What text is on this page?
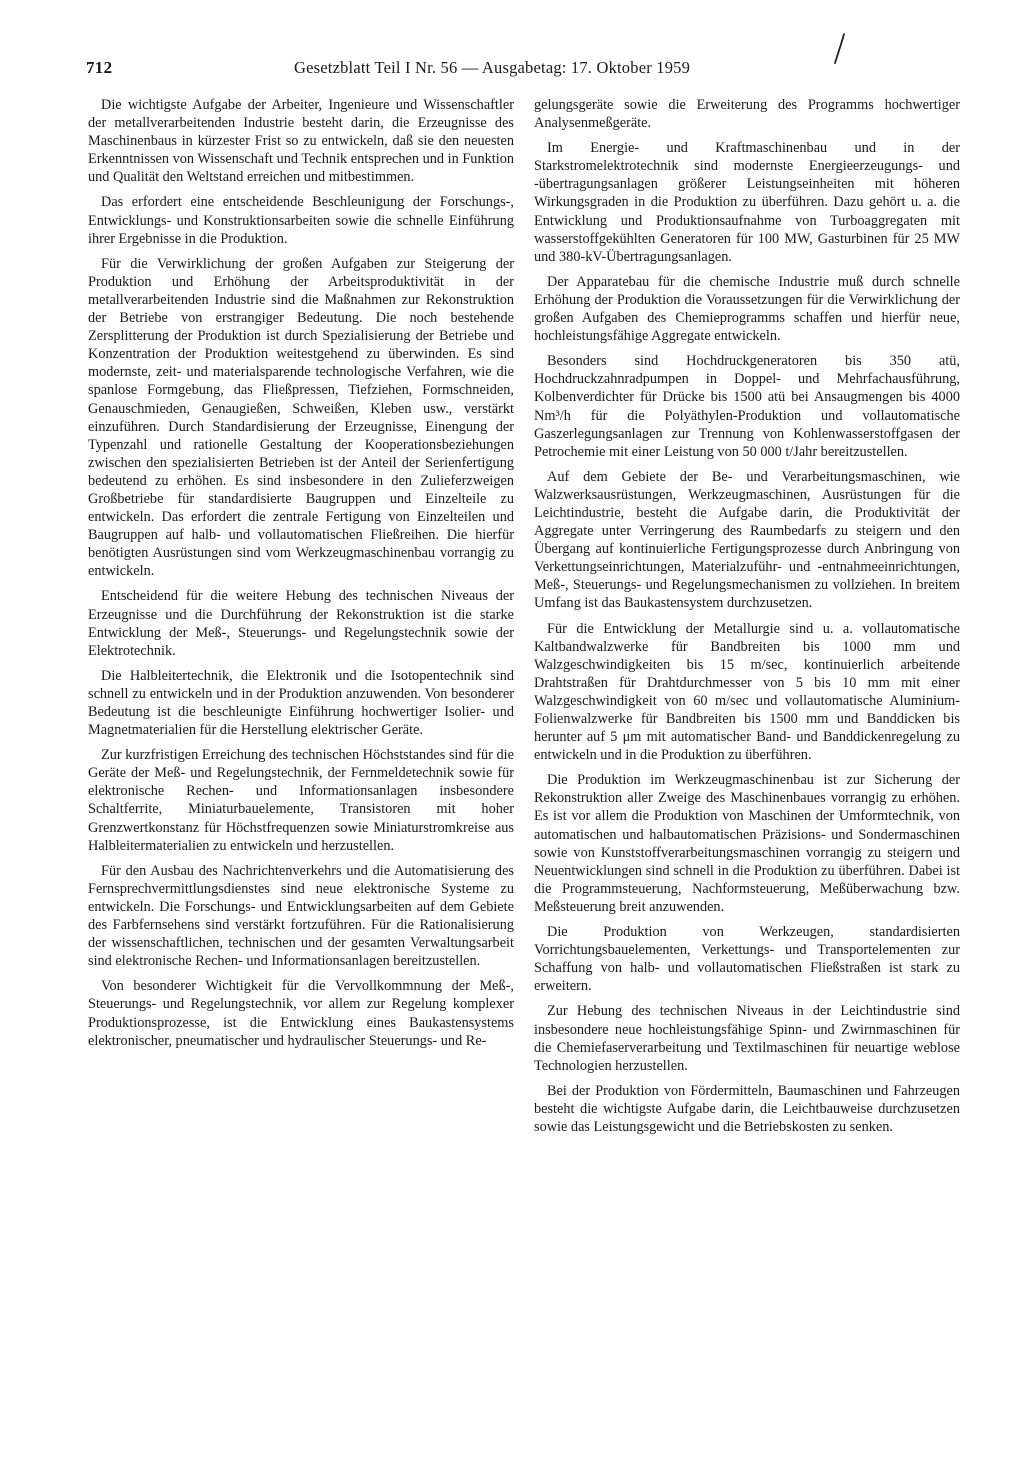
712	Gesetzblatt Teil I Nr. 56 — Ausgabetag: 17. Oktober 1959

Die wichtigste Aufgabe der Arbeiter, Ingenieure und Wissenschaftler der metallverarbeitenden Industrie besteht darin, die Erzeugnisse des Maschinenbaus in kürzester Frist so zu entwickeln, daß sie den neuesten Erkenntnissen von Wissenschaft und Technik entsprechen und in Funktion und Qualität den Weltstand erreichen und mitbestimmen.

Das erfordert eine entscheidende Beschleunigung der Forschungs-, Entwicklungs- und Konstruktionsarbeiten sowie die schnelle Einführung ihrer Ergebnisse in die Produktion.

Für die Verwirklichung der großen Aufgaben zur Steigerung der Produktion und Erhöhung der Arbeitsproduktivität in der metallverarbeitenden Industrie sind die Maßnahmen zur Rekonstruktion der Betriebe von erstrangiger Bedeutung. Die noch bestehende Zersplitterung der Produktion ist durch Spezialisierung der Betriebe und Konzentration der Produktion weitestgehend zu überwinden. Es sind modernste, zeit- und materialsparende technologische Verfahren, wie die spanlose Formgebung, das Fließpressen, Tiefziehen, Formschneiden, Genauschmieden, Genaugießen, Schweißen, Kleben usw., verstärkt einzuführen. Durch Standardisierung der Erzeugnisse, Einengung der Typenzahl und rationelle Gestaltung der Kooperationsbeziehungen zwischen den spezialisierten Betrieben ist der Anteil der Serienfertigung bedeutend zu erhöhen. Es sind insbesondere in den Zulieferzweigen Großbetriebe für standardisierte Baugruppen und Einzelteile zu entwickeln. Das erfordert die zentrale Fertigung von Einzelteilen und Baugruppen auf halb- und vollautomatischen Fließreihen. Die hierfür benötigten Ausrüstungen sind vom Werkzeugmaschinenbau vorrangig zu entwickeln.

Entscheidend für die weitere Hebung des technischen Niveaus der Erzeugnisse und die Durchführung der Rekonstruktion ist die starke Entwicklung der Meß-, Steuerungs- und Regelungstechnik sowie der Elektrotechnik.

Die Halbleitertechnik, die Elektronik und die Isotopentechnik sind schnell zu entwickeln und in der Produktion anzuwenden. Von besonderer Bedeutung ist die beschleunigte Einführung hochwertiger Isolier- und Magnetmaterialien für die Herstellung elektrischer Geräte.

Zur kurzfristigen Erreichung des technischen Höchststandes sind für die Geräte der Meß- und Regelungstechnik, der Fernmeldetechnik sowie für elektronische Rechen- und Informationsanlagen insbesondere Schaltferrite, Miniaturbauelemente, Transistoren mit hoher Grenzwertkonstanz für Höchstfrequenzen sowie Miniaturstromkreise aus Halbleitermaterialien zu entwickeln und herzustellen.

Für den Ausbau des Nachrichtenverkehrs und die Automatisierung des Fernsprechvermittlungsdienstes sind neue elektronische Systeme zu entwickeln. Die Forschungs- und Entwicklungsarbeiten auf dem Gebiete des Farbfernsehens sind verstärkt fortzuführen. Für die Rationalisierung der wissenschaftlichen, technischen und der gesamten Verwaltungsarbeit sind elektronische Rechen- und Informationsanlagen bereitzustellen.

Von besonderer Wichtigkeit für die Vervollkommnung der Meß-, Steuerungs- und Regelungstechnik, vor allem zur Regelung komplexer Produktionsprozesse, ist die Entwicklung eines Baukastensystems elektronischer, pneumatischer und hydraulischer Steuerungs- und Re-

gelungsgeräte sowie die Erweiterung des Programms hochwertiger Analysenmeßgeräte.

Im Energie- und Kraftmaschinenbau und in der Starkstromelektrotechnik sind modernste Energieerzeugungs- und -übertragungsanlagen größerer Leistungseinheiten mit höheren Wirkungsgraden in die Produktion zu überführen. Dazu gehört u. a. die Entwicklung und Produktionsaufnahme von Turboaggregaten mit wasserstoffgekühlten Generatoren für 100 MW, Gasturbinen für 25 MW und 380-kV-Übertragungsanlagen.

Der Apparatebau für die chemische Industrie muß durch schnelle Erhöhung der Produktion die Voraussetzungen für die Verwirklichung der großen Aufgaben des Chemieprogramms schaffen und hierfür neue, hochleistungsfähige Aggregate entwickeln.

Besonders sind Hochdruckgeneratoren bis 350 atü, Hochdruckzahnradpumpen in Doppel- und Mehrfachausführung, Kolbenverdichter für Drücke bis 1500 atü bei Ansaugmengen bis 4000 Nm³/h für die Polyäthylen-Produktion und vollautomatische Gaszerlegungsanlagen zur Trennung von Kohlenwasserstoffgasen der Petrochemie mit einer Leistung von 50 000 t/Jahr bereitzustellen.

Auf dem Gebiete der Be- und Verarbeitungsmaschinen, wie Walzwerksausrüstungen, Werkzeugmaschinen, Ausrüstungen für die Leichtindustrie, besteht die Aufgabe darin, die Produktivität der Aggregate unter Verringerung des Raumbedarfs zu steigern und den Übergang auf kontinuierliche Fertigungsprozesse durch Anbringung von Verkettungseinrichtungen, Materialzuführ- und -entnahmeeinrichtungen, Meß-, Steuerungs- und Regelungsmechanismen zu vollziehen. In breitem Umfang ist das Baukastensystem durchzusetzen.

Für die Entwicklung der Metallurgie sind u. a. vollautomatische Kaltbandwalzwerke für Bandbreiten bis 1000 mm und Walzgeschwindigkeiten bis 15 m/sec, kontinuierlich arbeitende Drahtstraßen für Drahtdurchmesser von 5 bis 10 mm mit einer Walzgeschwindigkeit von 60 m/sec und vollautomatische Aluminium-Folienwalzwerke für Bandbreiten bis 1500 mm und Banddicken bis herunter auf 5 μm mit automatischer Band- und Banddickenregelung zu entwickeln und in die Produktion zu überführen.

Die Produktion im Werkzeugmaschinenbau ist zur Sicherung der Rekonstruktion aller Zweige des Maschinenbaues vorrangig zu erhöhen. Es ist vor allem die Produktion von Maschinen der Umformtechnik, von automatischen und halbautomatischen Präzisions- und Sondermaschinen sowie von Kunststoffverarbeitungsmaschinen vorrangig zu steigern und Neuentwicklungen sind schnell in die Produktion zu überführen. Dabei ist die Programmsteuerung, Nachformsteuerung, Meßüberwachung bzw. Meßsteuerung breit anzuwenden.

Die Produktion von Werkzeugen, standardisierten Vorrichtungsbauelementen, Verkettungs- und Transportelementen zur Schaffung von halb- und vollautomatischen Fließstraßen ist stark zu erweitern.

Zur Hebung des technischen Niveaus in der Leichtindustrie sind insbesondere neue hochleistungsfähige Spinn- und Zwirnmaschinen für die Chemiefaserverarbeitung und Textilmaschinen für neuartige weblose Technologien herzustellen.

Bei der Produktion von Fördermitteln, Baumaschinen und Fahrzeugen besteht die wichtigste Aufgabe darin, die Leichtbauweise durchzusetzen sowie das Leistungsgewicht und die Betriebskosten zu senken.
